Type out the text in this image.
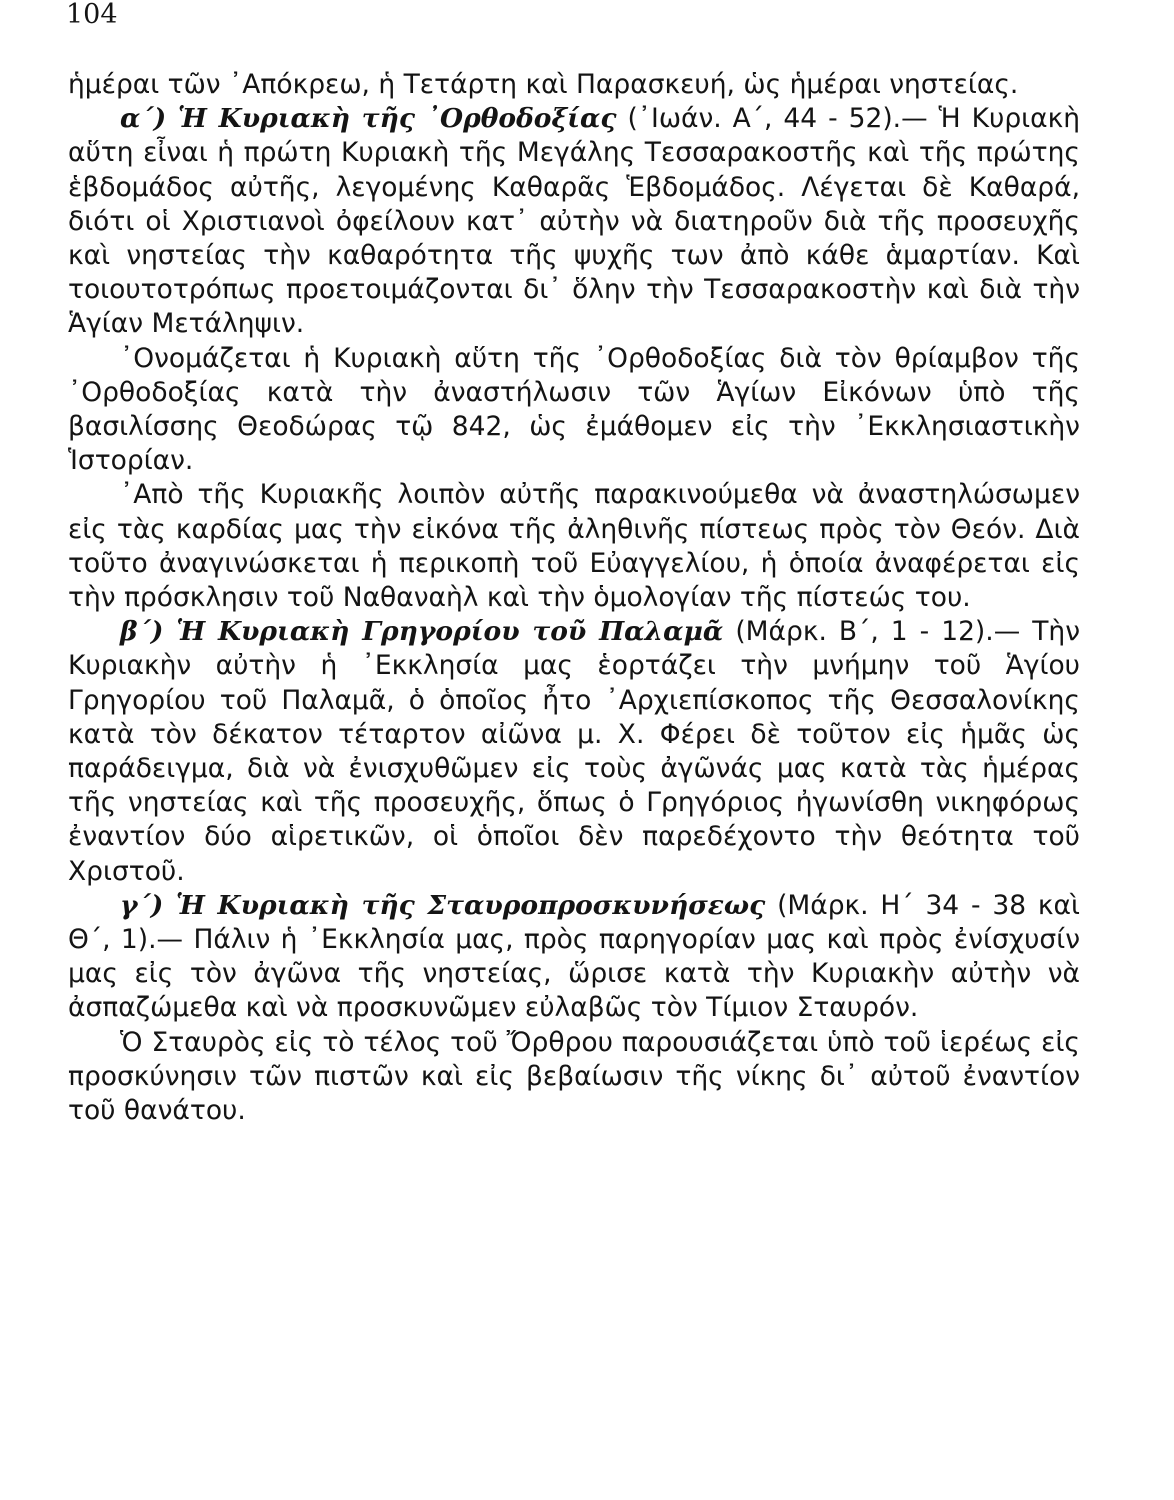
104

ἡμέραι τῶν ᾿Απόκρεω, ἡ Τετάρτη καὶ Παρασκευή, ὡς ἡμέραι νηστείας.

α΄) Ἡ Κυριακὴ τῆς ᾿Ορθοδοξίας (᾿Ιωάν. Α΄, 44 - 52).— Ἡ Κυριακὴ αὕτη εἶναι ἡ πρώτη Κυριακὴ τῆς Μεγάλης Τεσσαρακοστῆς καὶ τῆς πρώτης ἑβδομάδος αὐτῆς, λεγομένης Καθαρᾶς Ἑβδομάδος. Λέγεται δὲ Καθαρά, διότι οἱ Χριστιανοὶ ὀφείλουν κατ᾿ αὐτὴν νὰ διατηροῦν διὰ τῆς προσευχῆς καὶ νηστείας τὴν καθαρότητα τῆς ψυχῆς των ἀπὸ κάθε ἁμαρτίαν. Καὶ τοιουτοτρόπως προετοιμάζονται δι᾿ ὅλην τὴν Τεσσαρακοστὴν καὶ διὰ τὴν Ἁγίαν Μετάληψιν.

᾿Ονομάζεται ἡ Κυριακὴ αὕτη τῆς ᾿Ορθοδοξίας διὰ τὸν θρίαμβον τῆς ᾿Ορθοδοξίας κατὰ τὴν ἀναστήλωσιν τῶν Ἁγίων Εἰκόνων ὑπὸ τῆς βασιλίσσης Θεοδώρας τῷ 842, ὡς ἐμάθομεν εἰς τὴν ᾿Εκκλησιαστικὴν Ἱστορίαν.

᾿Απὸ τῆς Κυριακῆς λοιπὸν αὐτῆς παρακινούμεθα νὰ ἀναστηλώσωμεν εἰς τὰς καρδίας μας τὴν εἰκόνα τῆς ἀληθινῆς πίστεως πρὸς τὸν Θεόν. Διὰ τοῦτο ἀναγινώσκεται ἡ περικοπὴ τοῦ Εὐαγγελίου, ἡ ὁποία ἀναφέρεται εἰς τὴν πρόσκλησιν τοῦ Ναθαναὴλ καὶ τὴν ὁμολογίαν τῆς πίστεώς του.

β΄) Ἡ Κυριακὴ Γρηγορίου τοῦ Παλαμᾶ (Μάρκ. Β΄, 1 - 12).— Τὴν Κυριακὴν αὐτὴν ἡ ᾿Εκκλησία μας ἑορτάζει τὴν μνήμην τοῦ Ἁγίου Γρηγορίου τοῦ Παλαμᾶ, ὁ ὁποῖος ἦτο ᾿Αρχιεπίσκοπος τῆς Θεσσαλονίκης κατὰ τὸν δέκατον τέταρτον αἰῶνα μ. Χ. Φέρει δὲ τοῦτον εἰς ἡμᾶς ὡς παράδειγμα, διὰ νὰ ἐνισχυθῶμεν εἰς τοὺς ἀγῶνάς μας κατὰ τὰς ἡμέρας τῆς νηστείας καὶ τῆς προσευχῆς, ὅπως ὁ Γρηγόριος ἠγωνίσθη νικηφόρως ἐναντίον δύο αἱρετικῶν, οἱ ὁποῖοι δὲν παρεδέχοντο τὴν θεότητα τοῦ Χριστοῦ.

γ΄) Ἡ Κυριακὴ τῆς Σταυροπροσκυνήσεως (Μάρκ. Η΄ 34 - 38 καὶ Θ΄, 1).— Πάλιν ἡ ᾿Εκκλησία μας, πρὸς παρηγορίαν μας καὶ πρὸς ἐνίσχυσίν μας εἰς τὸν ἀγῶνα τῆς νηστείας, ὥρισε κατὰ τὴν Κυριακὴν αὐτὴν νὰ ἀσπαζώμεθα καὶ νὰ προσκυνῶμεν εὐλαβῶς τὸν Τίμιον Σταυρόν.

Ὁ Σταυρὸς εἰς τὸ τέλος τοῦ Ὄρθρου παρουσιάζεται ὑπὸ τοῦ ἱερέως εἰς προσκύνησιν τῶν πιστῶν καὶ εἰς βεβαίωσιν τῆς νίκης δι᾿ αὐτοῦ ἐναντίον τοῦ θανάτου.
